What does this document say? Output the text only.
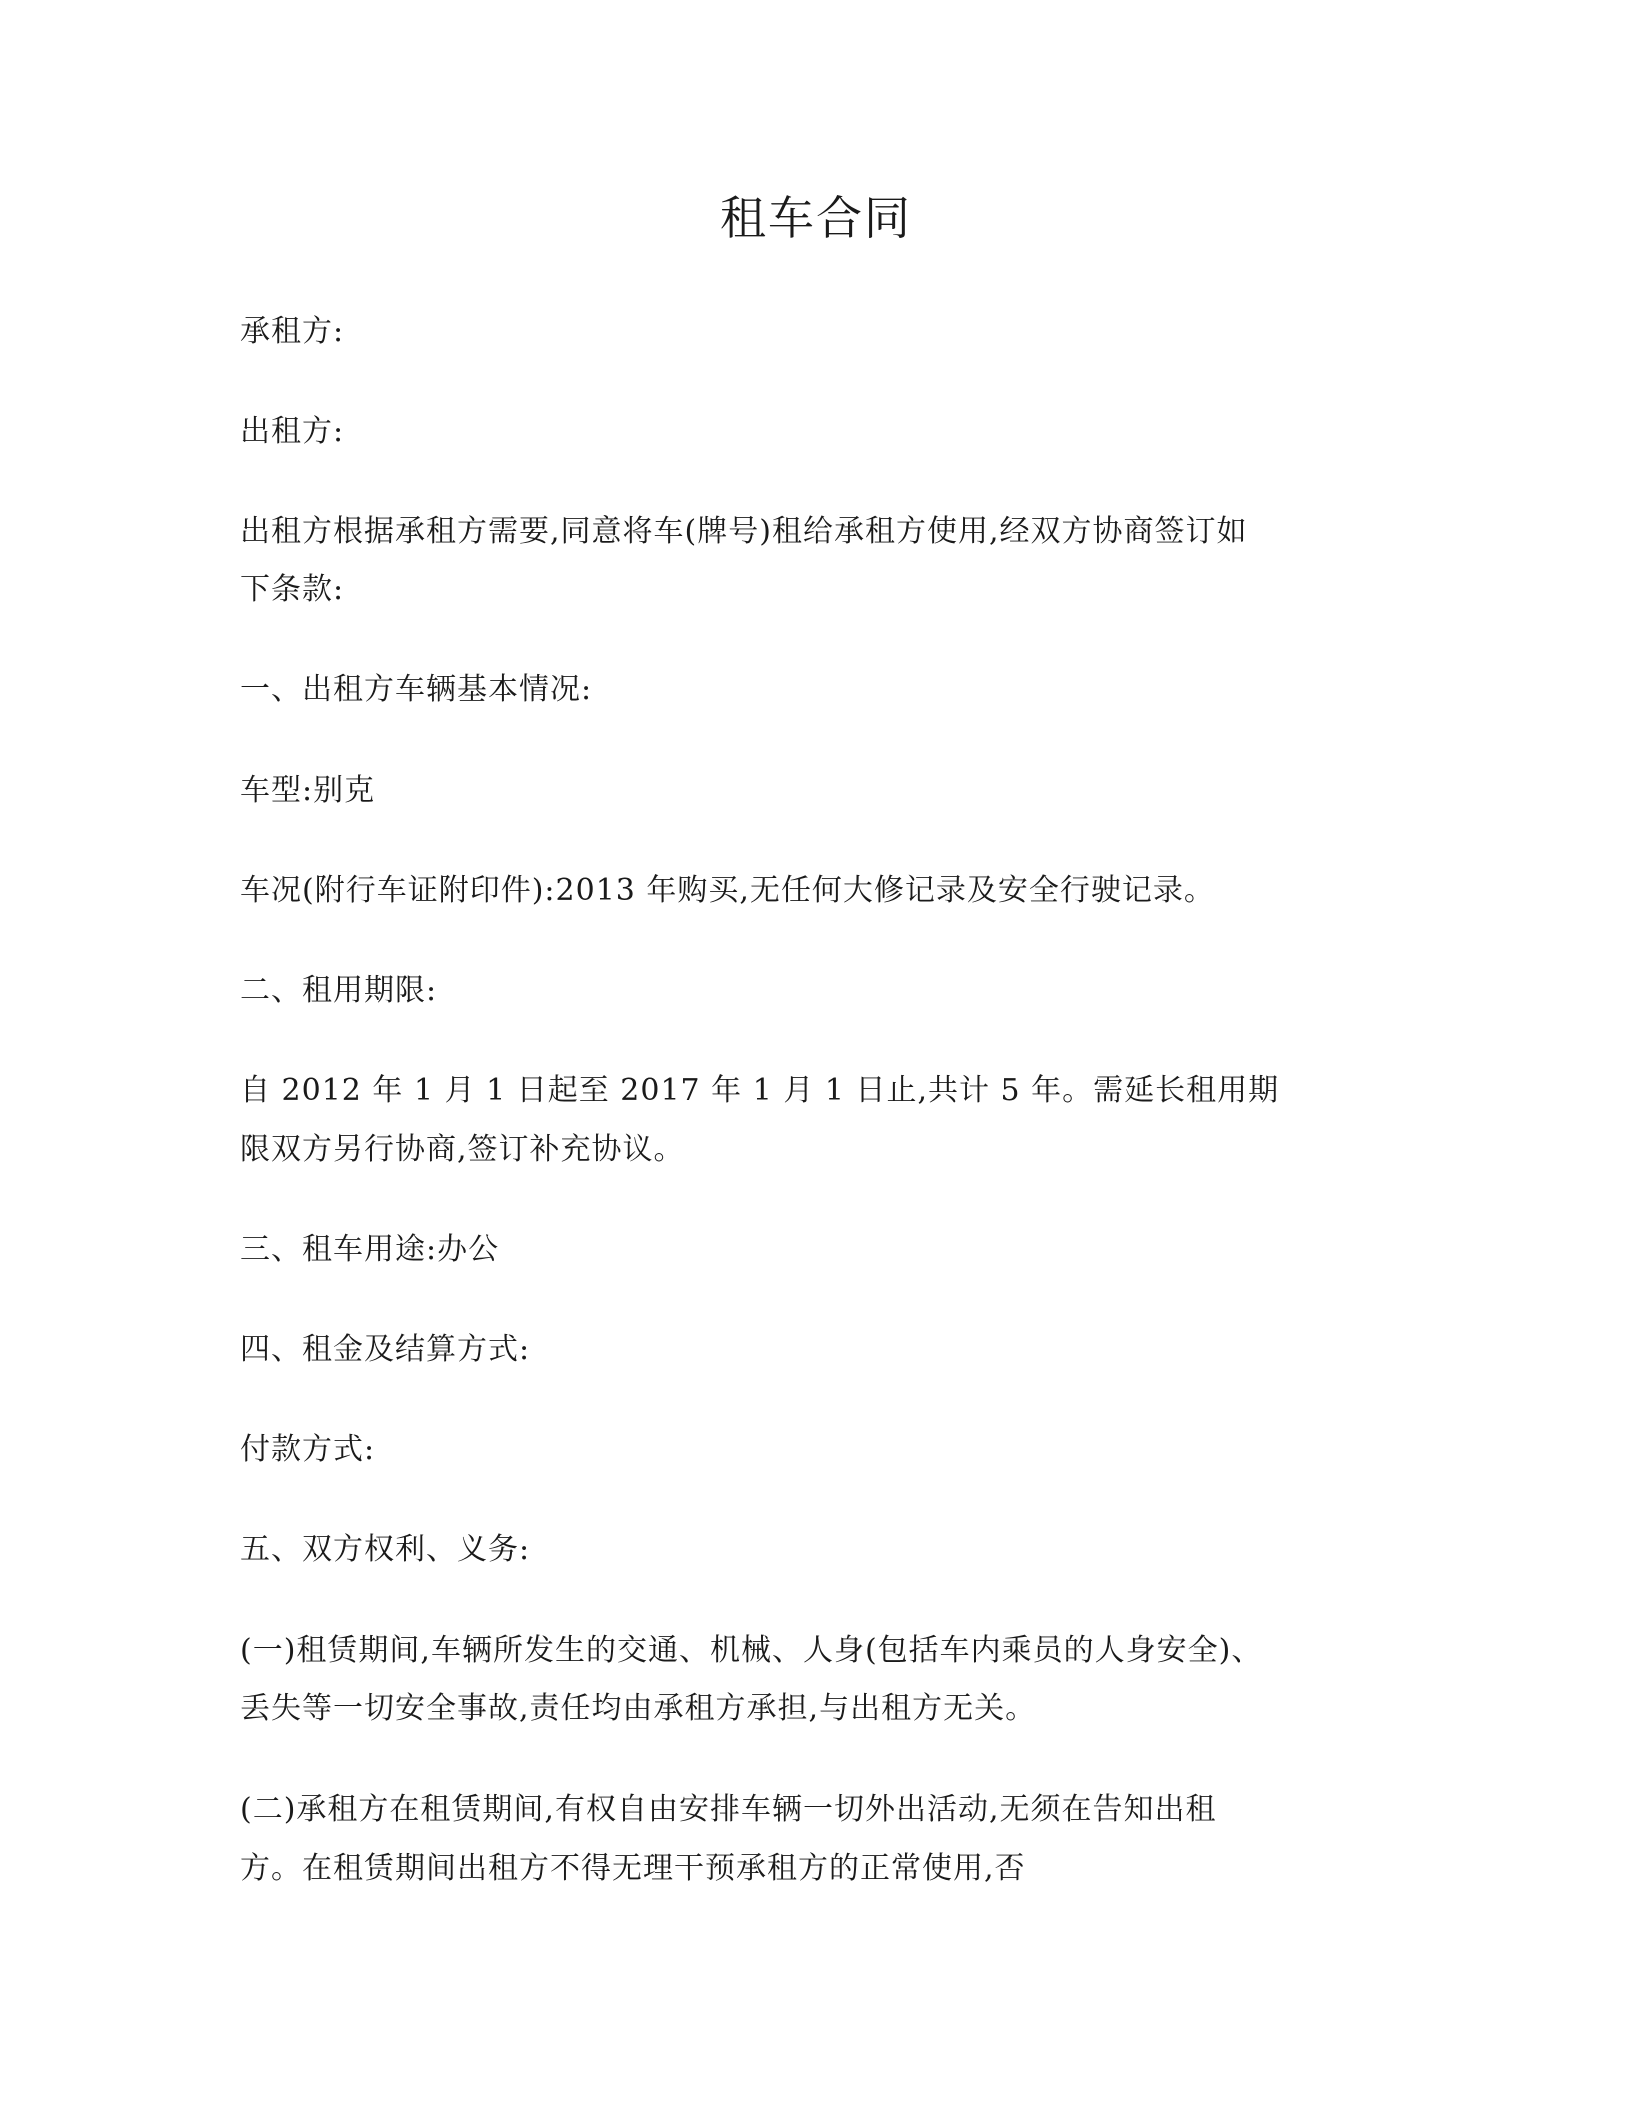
租车合同
承租方:
出租方:
出租方根据承租方需要,同意将车(牌号)租给承租方使用,经双方协商签订如
下条款:
一、出租方车辆基本情况:
车型:别克
车况(附行车证附印件):2013 年购买,无任何大修记录及安全行驶记录。
二、租用期限:
自 2012 年 1 月 1 日起至 2017 年 1 月 1 日止,共计 5 年。需延长租用期
限双方另行协商,签订补充协议。
三、租车用途:办公
四、租金及结算方式:
付款方式:
五、双方权利、义务:
(一)租赁期间,车辆所发生的交通、机械、人身(包括车内乘员的人身安全)、
丢失等一切安全事故,责任均由承租方承担,与出租方无关。
(二)承租方在租赁期间,有权自由安排车辆一切外出活动,无须在告知出租
方。在租赁期间出租方不得无理干预承租方的正常使用,否
